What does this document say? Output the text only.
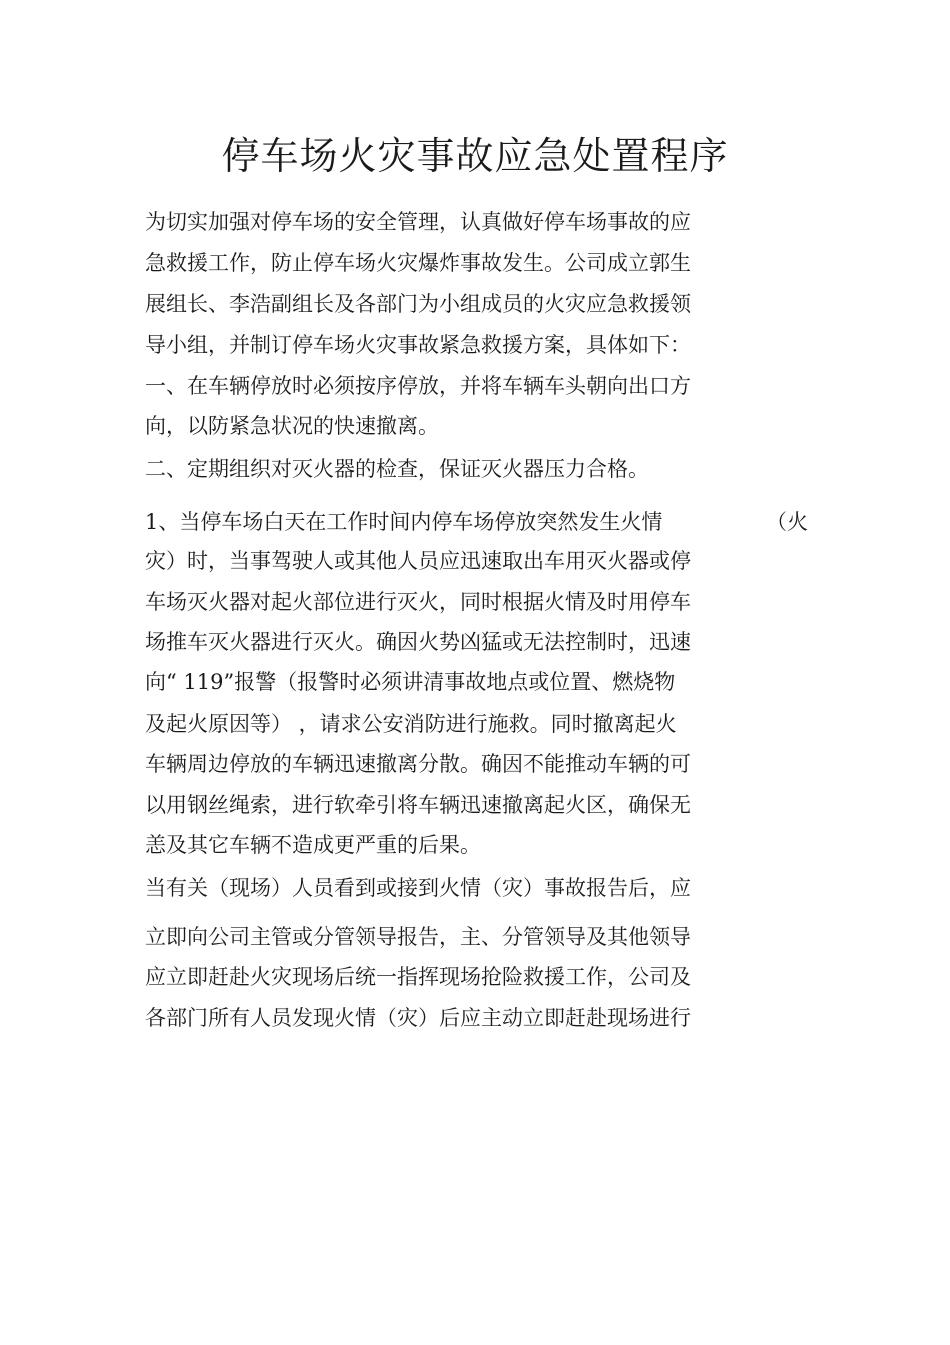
停车场火灾事故应急处置程序
为切实加强对停车场的安全管理，认真做好停车场事故的应
急救援工作，防止停车场火灾爆炸事故发生。公司成立郭生
展组长、李浩副组长及各部门为小组成员的火灾应急救援领
导小组，并制订停车场火灾事故紧急救援方案，具体如下：
一、在车辆停放时必须按序停放，并将车辆车头朝向出口方
向，以防紧急状况的快速撤离。
二、定期组织对灭火器的检查，保证灭火器压力合格。
1、当停车场白天在工作时间内停车场停放突然发生火情	（火
灾）时，当事驾驶人或其他人员应迅速取出车用灭火器或停
车场灭火器对起火部位进行灭火，同时根据火情及时用停车
场推车灭火器进行灭火。确因火势凶猛或无法控制时，迅速
向“ 119”报警（报警时必须讲清事故地点或位置、燃烧物
及起火原因等） ，请求公安消防进行施救。同时撤离起火
车辆周边停放的车辆迅速撤离分散。确因不能推动车辆的可
以用钢丝绳索，进行软牵引将车辆迅速撤离起火区，确保无
恙及其它车辆不造成更严重的后果。
当有关（现场）人员看到或接到火情（灾）事故报告后，应
立即向公司主管或分管领导报告，主、分管领导及其他领导
应立即赶赴火灾现场后统一指挥现场抢险救援工作，公司及
各部门所有人员发现火情（灾）后应主动立即赶赴现场进行
